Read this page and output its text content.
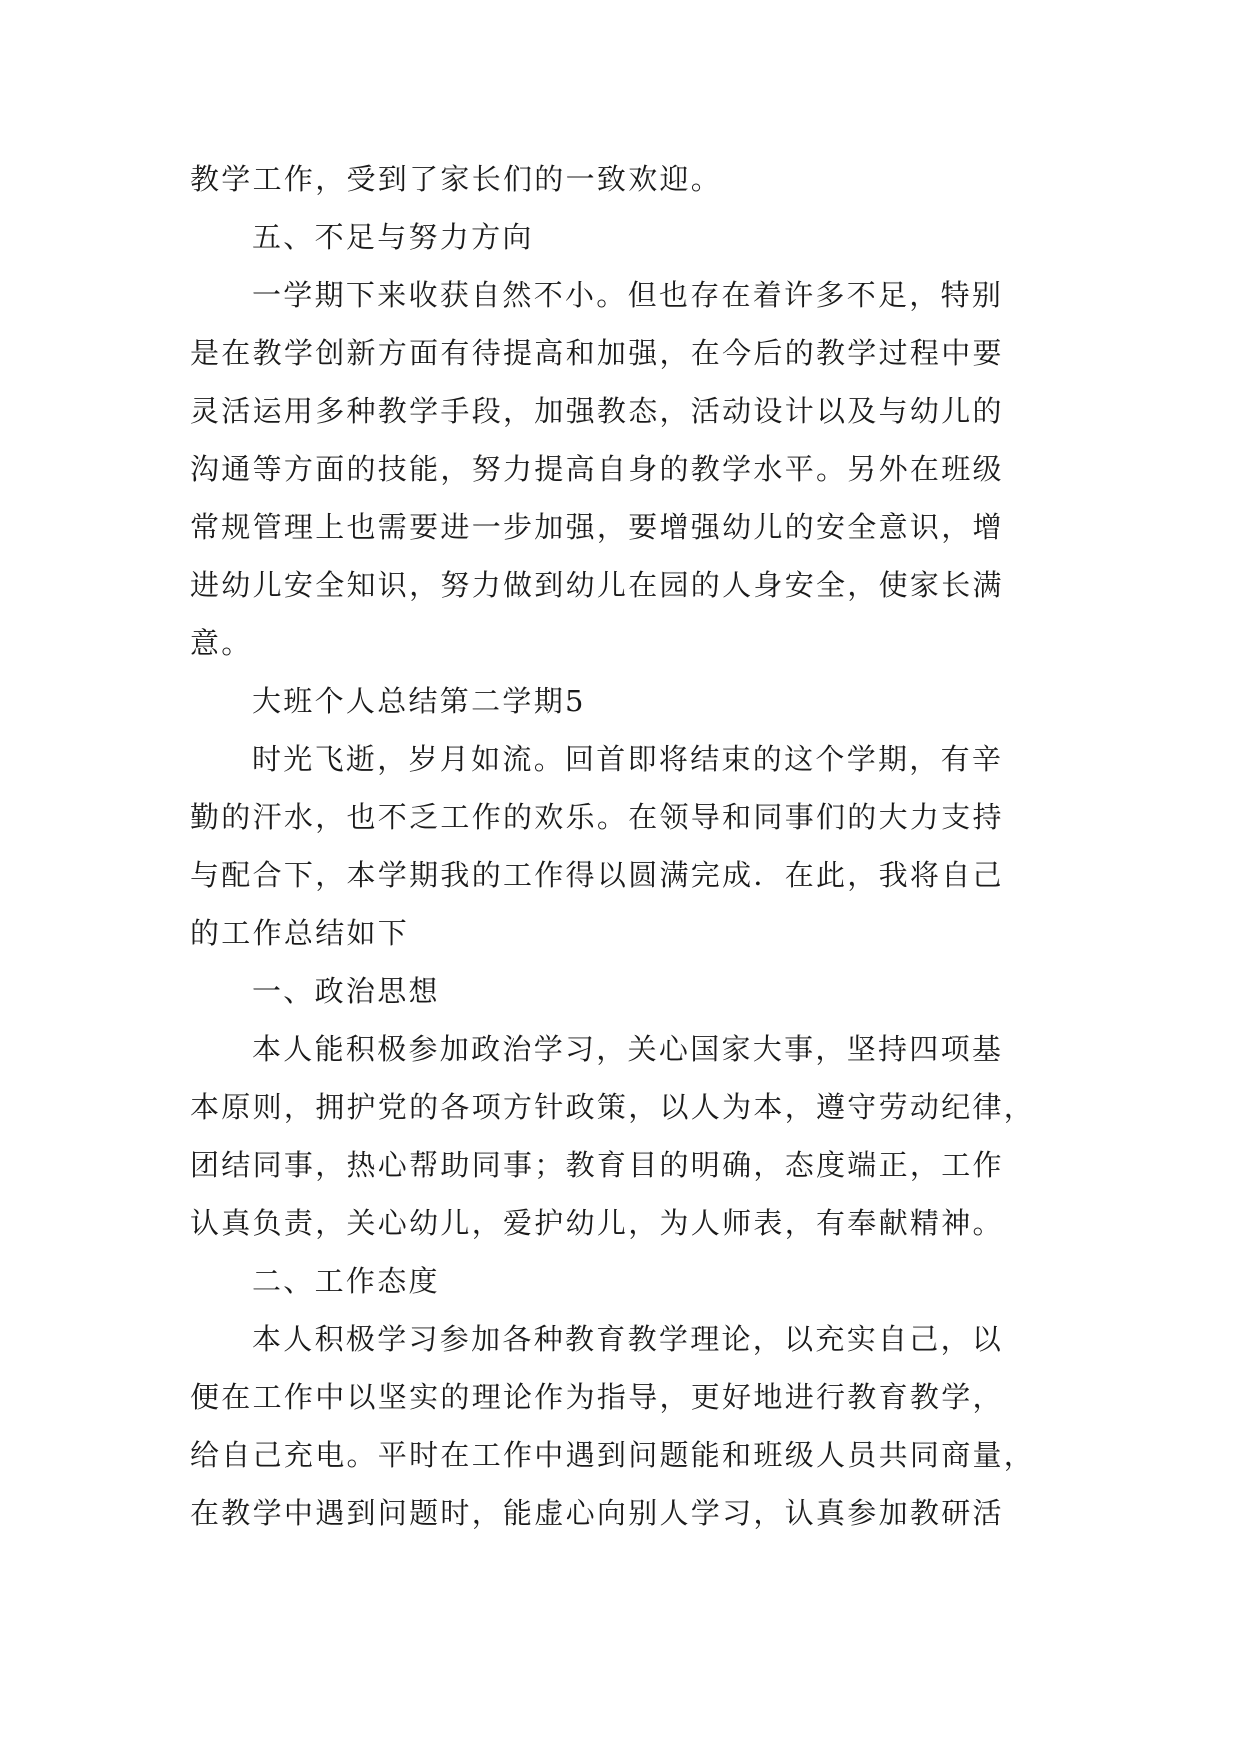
教学工作，受到了家长们的一致欢迎。
五、不足与努力方向
一学期下来收获自然不小。但也存在着许多不足，特别
是在教学创新方面有待提高和加强，在今后的教学过程中要
灵活运用多种教学手段，加强教态，活动设计以及与幼儿的
沟通等方面的技能，努力提高自身的教学水平。另外在班级
常规管理上也需要进一步加强，要增强幼儿的安全意识，增
进幼儿安全知识，努力做到幼儿在园的人身安全，使家长满
意。
大班个人总结第二学期5
时光飞逝，岁月如流。回首即将结束的这个学期，有辛
勤的汗水，也不乏工作的欢乐。在领导和同事们的大力支持
与配合下，本学期我的工作得以圆满完成．在此，我将自己
的工作总结如下
一、政治思想
本人能积极参加政治学习，关心国家大事，坚持四项基
本原则，拥护党的各项方针政策，以人为本，遵守劳动纪律，
团结同事，热心帮助同事；教育目的明确，态度端正，工作
认真负责，关心幼儿，爱护幼儿，为人师表，有奉献精神。
二、工作态度
本人积极学习参加各种教育教学理论，以充实自己，以
便在工作中以坚实的理论作为指导，更好地进行教育教学，
给自己充电。平时在工作中遇到问题能和班级人员共同商量，
在教学中遇到问题时，能虚心向别人学习，认真参加教研活
